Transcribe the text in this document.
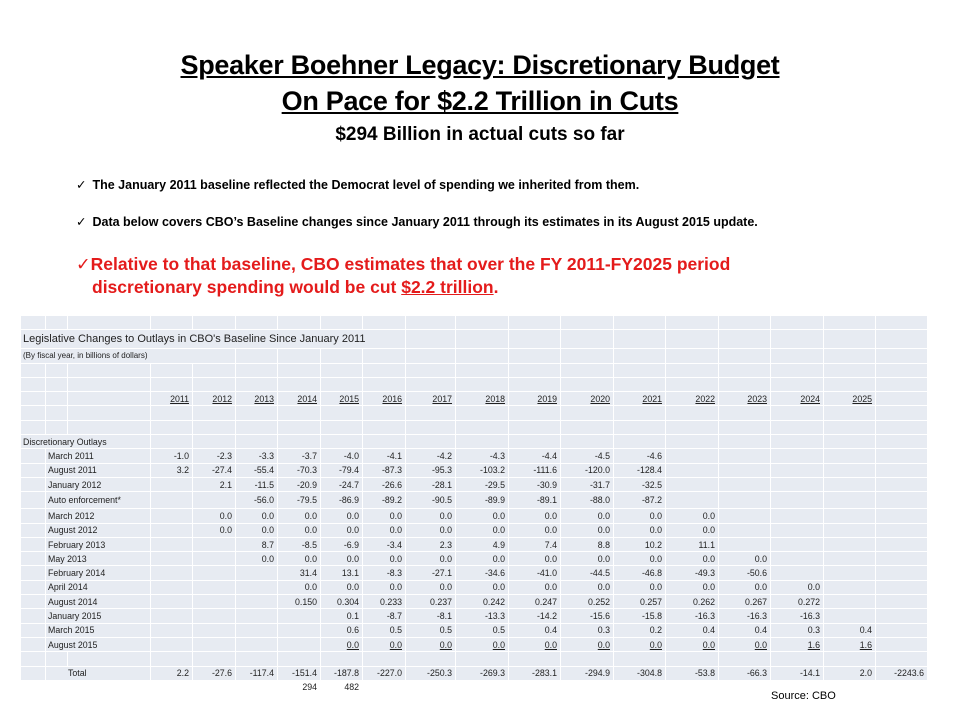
Speaker Boehner Legacy: Discretionary Budget
On Pace for $2.2 Trillion in Cuts
$294 Billion in actual cuts so far
✓ The January 2011 baseline reflected the Democrat level of spending we inherited from them.
✓ Data below covers CBO’s Baseline changes since January 2011 through its estimates in its August 2015 update.
✓Relative to that baseline, CBO estimates that over the FY 2011-FY2025 period
discretionary spending would be cut $2.2 trillion.

Legislative Changes to Outlays in CBO's Baseline Since January 2011																		
(By fiscal year, in billions of dollars)																		

			2011	2012	2013	2014	2015	2016	2017	2018	2019	2020	2021	2022	2023	2024	2025	

Discretionary Outlays																		
	March 2011		-1.0	-2.3	-3.3	-3.7	-4.0	-4.1	-4.2	-4.3	-4.4	-4.5	-4.6					
	August 2011		3.2	-27.4	-55.4	-70.3	-79.4	-87.3	-95.3	-103.2	-111.6	-120.0	-128.4					
	January 2012			2.1	-11.5	-20.9	-24.7	-26.6	-28.1	-29.5	-30.9	-31.7	-32.5					
	Auto enforcement*				-56.0	-79.5	-86.9	-89.2	-90.5	-89.9	-89.1	-88.0	-87.2					
	March 2012			0.0	0.0	0.0	0.0	0.0	0.0	0.0	0.0	0.0	0.0	0.0				
	August 2012			0.0	0.0	0.0	0.0	0.0	0.0	0.0	0.0	0.0	0.0	0.0				
	February 2013				8.7	-8.5	-6.9	-3.4	2.3	4.9	7.4	8.8	10.2	11.1				
	May 2013				0.0	0.0	0.0	0.0	0.0	0.0	0.0	0.0	0.0	0.0	0.0			
	February 2014					31.4	13.1	-8.3	-27.1	-34.6	-41.0	-44.5	-46.8	-49.3	-50.6			
	April 2014					0.0	0.0	0.0	0.0	0.0	0.0	0.0	0.0	0.0	0.0	0.0		
	August 2014					0.150	0.304	0.233	0.237	0.242	0.247	0.252	0.257	0.262	0.267	0.272		
	January 2015						0.1	-8.7	-8.1	-13.3	-14.2	-15.6	-15.8	-16.3	-16.3	-16.3		
	March 2015						0.6	0.5	0.5	0.5	0.4	0.3	0.2	0.4	0.4	0.3	0.4	
	August 2015						0.0	0.0	0.0	0.0	0.0	0.0	0.0	0.0	0.0	1.6	1.6	

	Total		2.2	-27.6	-117.4	-151.4	-187.8	-227.0	-250.3	-269.3	-283.1	-294.9	-304.8	-53.8	-66.3	-14.1	2.0	-2243.6
						294	482											

Source: CBO
